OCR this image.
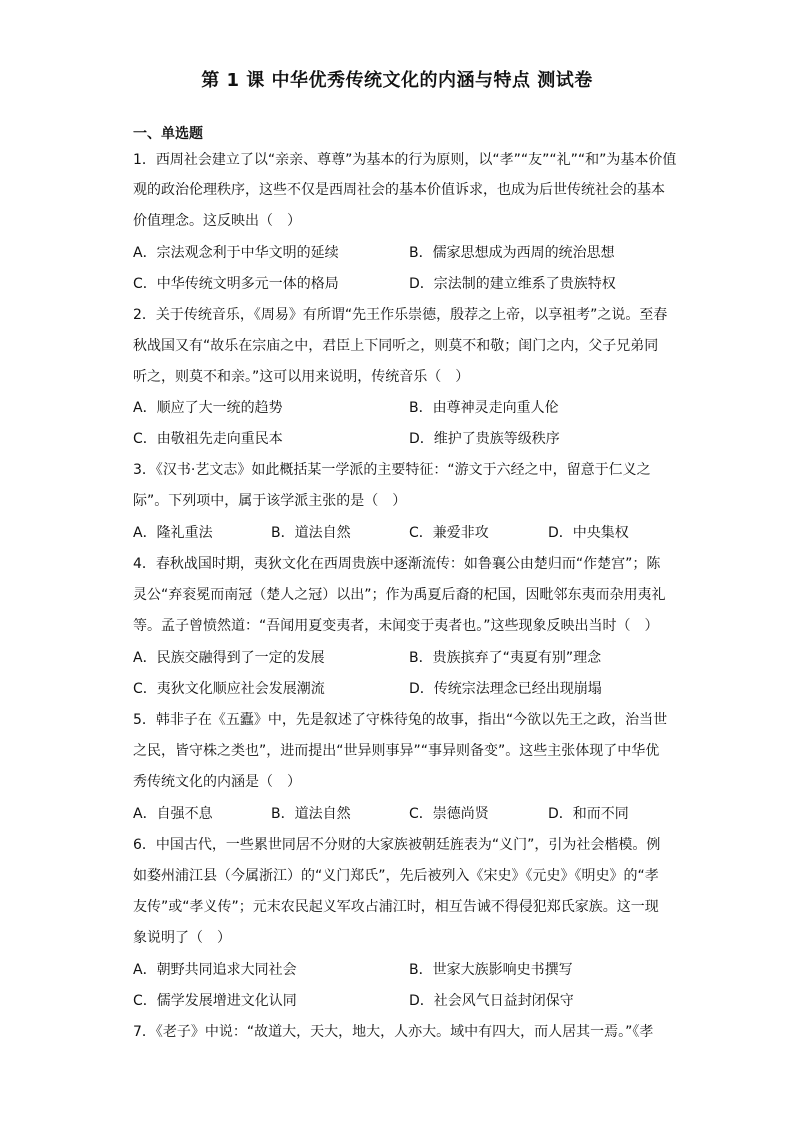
第 1 课 中华优秀传统文化的内涵与特点 测试卷
一、单选题
1．西周社会建立了以“亲亲、尊尊”为基本的行为原则，以“孝”“友”“礼”“和”为基本价值
观的政治伦理秩序，这些不仅是西周社会的基本价值诉求，也成为后世传统社会的基本
价值理念。这反映出（　）
A．宗法观念利于中华文明的延续	B．儒家思想成为西周的统治思想
C．中华传统文明多元一体的格局	D．宗法制的建立维系了贵族特权
2．关于传统音乐，《周易》有所谓“先王作乐崇德，殷荐之上帝，以享祖考”之说。至春
秋战国又有“故乐在宗庙之中，君臣上下同听之，则莫不和敬；闺门之内，父子兄弟同
听之，则莫不和亲。”这可以用来说明，传统音乐（　）
A．顺应了大一统的趋势	B．由尊神灵走向重人伦
C．由敬祖先走向重民本	D．维护了贵族等级秩序
3．《汉书·艺文志》如此概括某一学派的主要特征：“游文于六经之中，留意于仁义之
际”。下列项中，属于该学派主张的是（　）
A．隆礼重法	B．道法自然	C．兼爱非攻	D．中央集权
4．春秋战国时期，夷狄文化在西周贵族中逐渐流传：如鲁襄公由楚归而“作楚宫”；陈
灵公“弃衮冕而南冠（楚人之冠）以出”；作为禹夏后裔的杞国，因毗邻东夷而杂用夷礼
等。孟子曾愤然道：“吾闻用夏变夷者，未闻变于夷者也。”这些现象反映出当时（　）
A．民族交融得到了一定的发展	B．贵族摈弃了“夷夏有别”理念
C．夷狄文化顺应社会发展潮流	D．传统宗法理念已经出现崩塌
5．韩非子在《五蠹》中，先是叙述了守株待兔的故事，指出“今欲以先王之政，治当世
之民，皆守株之类也”，进而提出“世异则事异”“事异则备变”。这些主张体现了中华优
秀传统文化的内涵是（　）
A．自强不息	B．道法自然	C．崇德尚贤	D．和而不同
6．中国古代，一些累世同居不分财的大家族被朝廷旌表为“义门”，引为社会楷模。例
如婺州浦江县（今属浙江）的“义门郑氏”，先后被列入《宋史》《元史》《明史》的“孝
友传”或“孝义传”；元末农民起义军攻占浦江时，相互告诫不得侵犯郑氏家族。这一现
象说明了（　）
A．朝野共同追求大同社会	B．世家大族影响史书撰写
C．儒学发展增进文化认同	D．社会风气日益封闭保守
7．《老子》中说：“故道大，天大，地大，人亦大。域中有四大，而人居其一焉。”《孝
